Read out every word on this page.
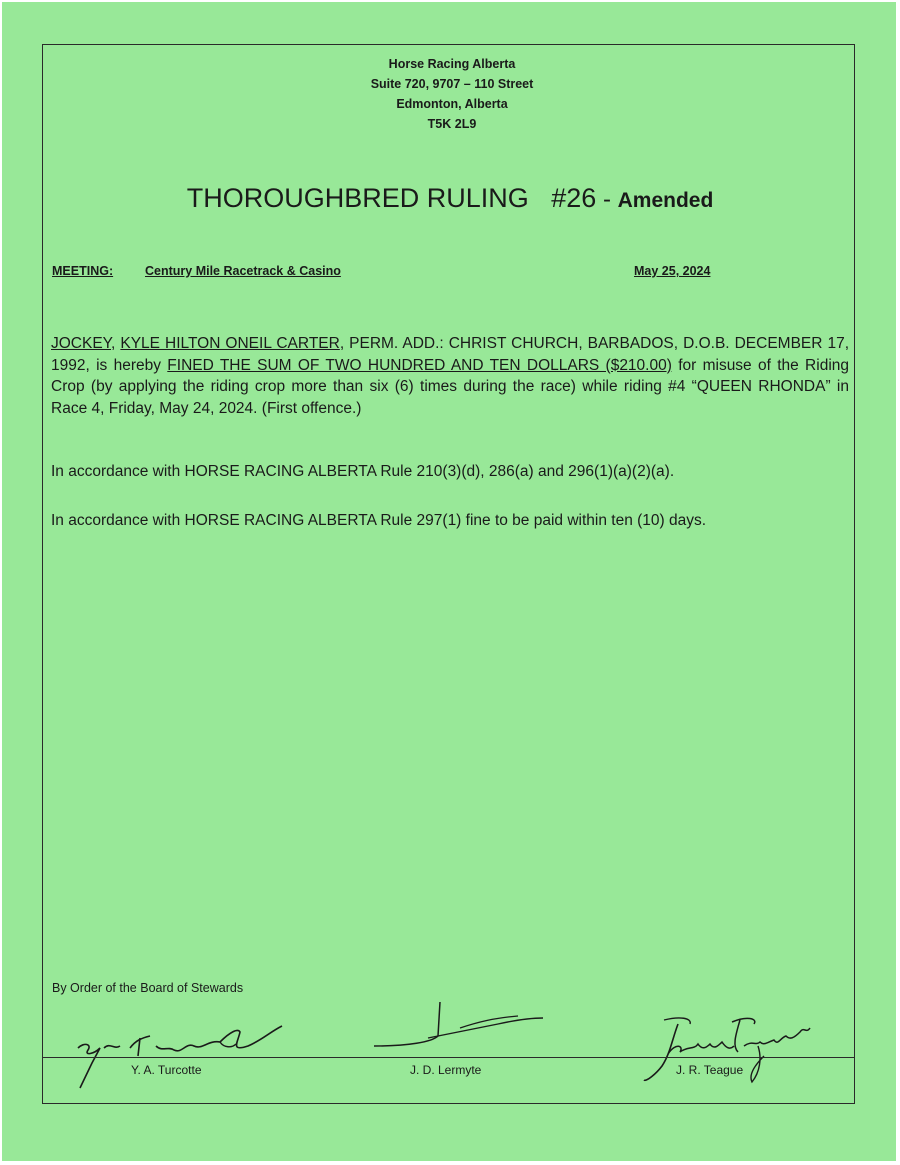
Horse Racing Alberta
Suite 720, 9707 – 110 Street
Edmonton, Alberta
T5K 2L9
THOROUGHBRED RULING   #26 - Amended
MEETING:	Century Mile Racetrack & Casino	May 25, 2024
JOCKEY, KYLE HILTON ONEIL CARTER, PERM. ADD.: CHRIST CHURCH, BARBADOS, D.O.B. DECEMBER 17, 1992, is hereby FINED THE SUM OF TWO HUNDRED AND TEN DOLLARS ($210.00) for misuse of the Riding Crop (by applying the riding crop more than six (6) times during the race) while riding #4 “QUEEN RHONDA” in Race 4, Friday, May 24, 2024. (First offence.)
In accordance with HORSE RACING ALBERTA Rule 210(3)(d), 286(a) and 296(1)(a)(2)(a).
In accordance with HORSE RACING ALBERTA Rule 297(1) fine to be paid within ten (10) days.
By Order of the Board of Stewards
Y. A. Turcotte	J. D. Lermyte	J. R. Teague
